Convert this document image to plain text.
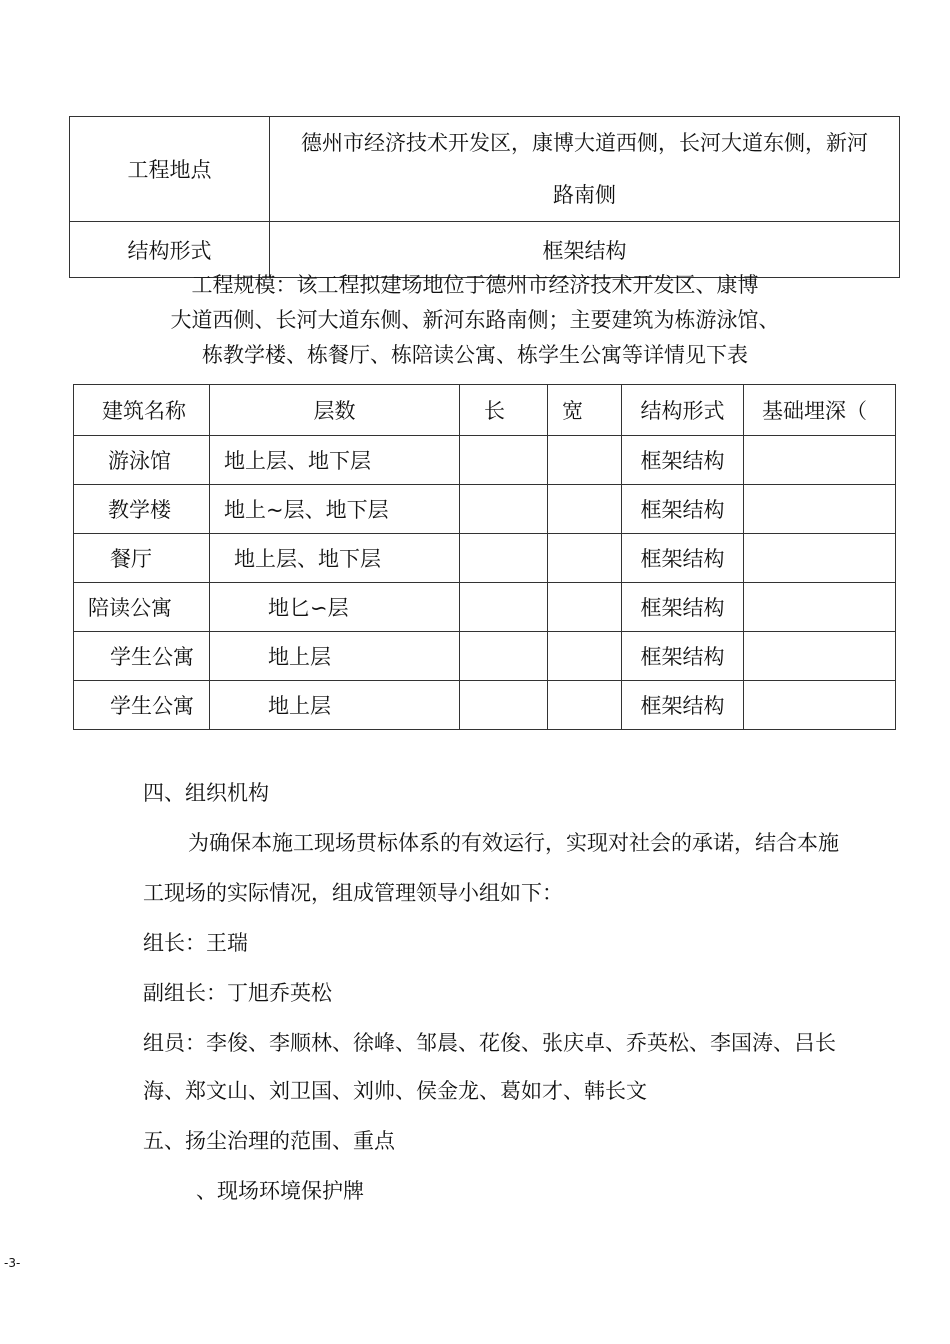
工程地点	德州市经济技术开发区，康博大道西侧，长河大道东侧，新河
路南侧

结构形式	框架结构
工程规模：该工程拟建场地位于德州市经济技术开发区、康博
大道西侧、长河大道东侧、新河东路南侧；主要建筑为栋游泳馆、
栋教学楼、栋餐厅、栋陪读公寓、栋学生公寓等详情见下表
建筑名称	层数	长	宽	结构形式	基础埋深（
游泳馆	地上层、地下层			框架结构	
教学楼	地上~层、地下层			框架结构	
餐厅	地上层、地下层			框架结构	
陪读公寓	地匕∽层			框架结构	
学生公寓	地上层			框架结构	
学生公寓	地上层			框架结构	
四、组织机构
为确保本施工现场贯标体系的有效运行，实现对社会的承诺，结合本施
工现场的实际情况，组成管理领导小组如下：
组长：王瑞
副组长：丁旭乔英松
组员：李俊、李顺林、徐峰、邹晨、花俊、张庆卓、乔英松、李国涛、吕长
海、郑文山、刘卫国、刘帅、侯金龙、葛如才、韩长文
五、扬尘治理的范围、重点
、现场环境保护牌
-3-
